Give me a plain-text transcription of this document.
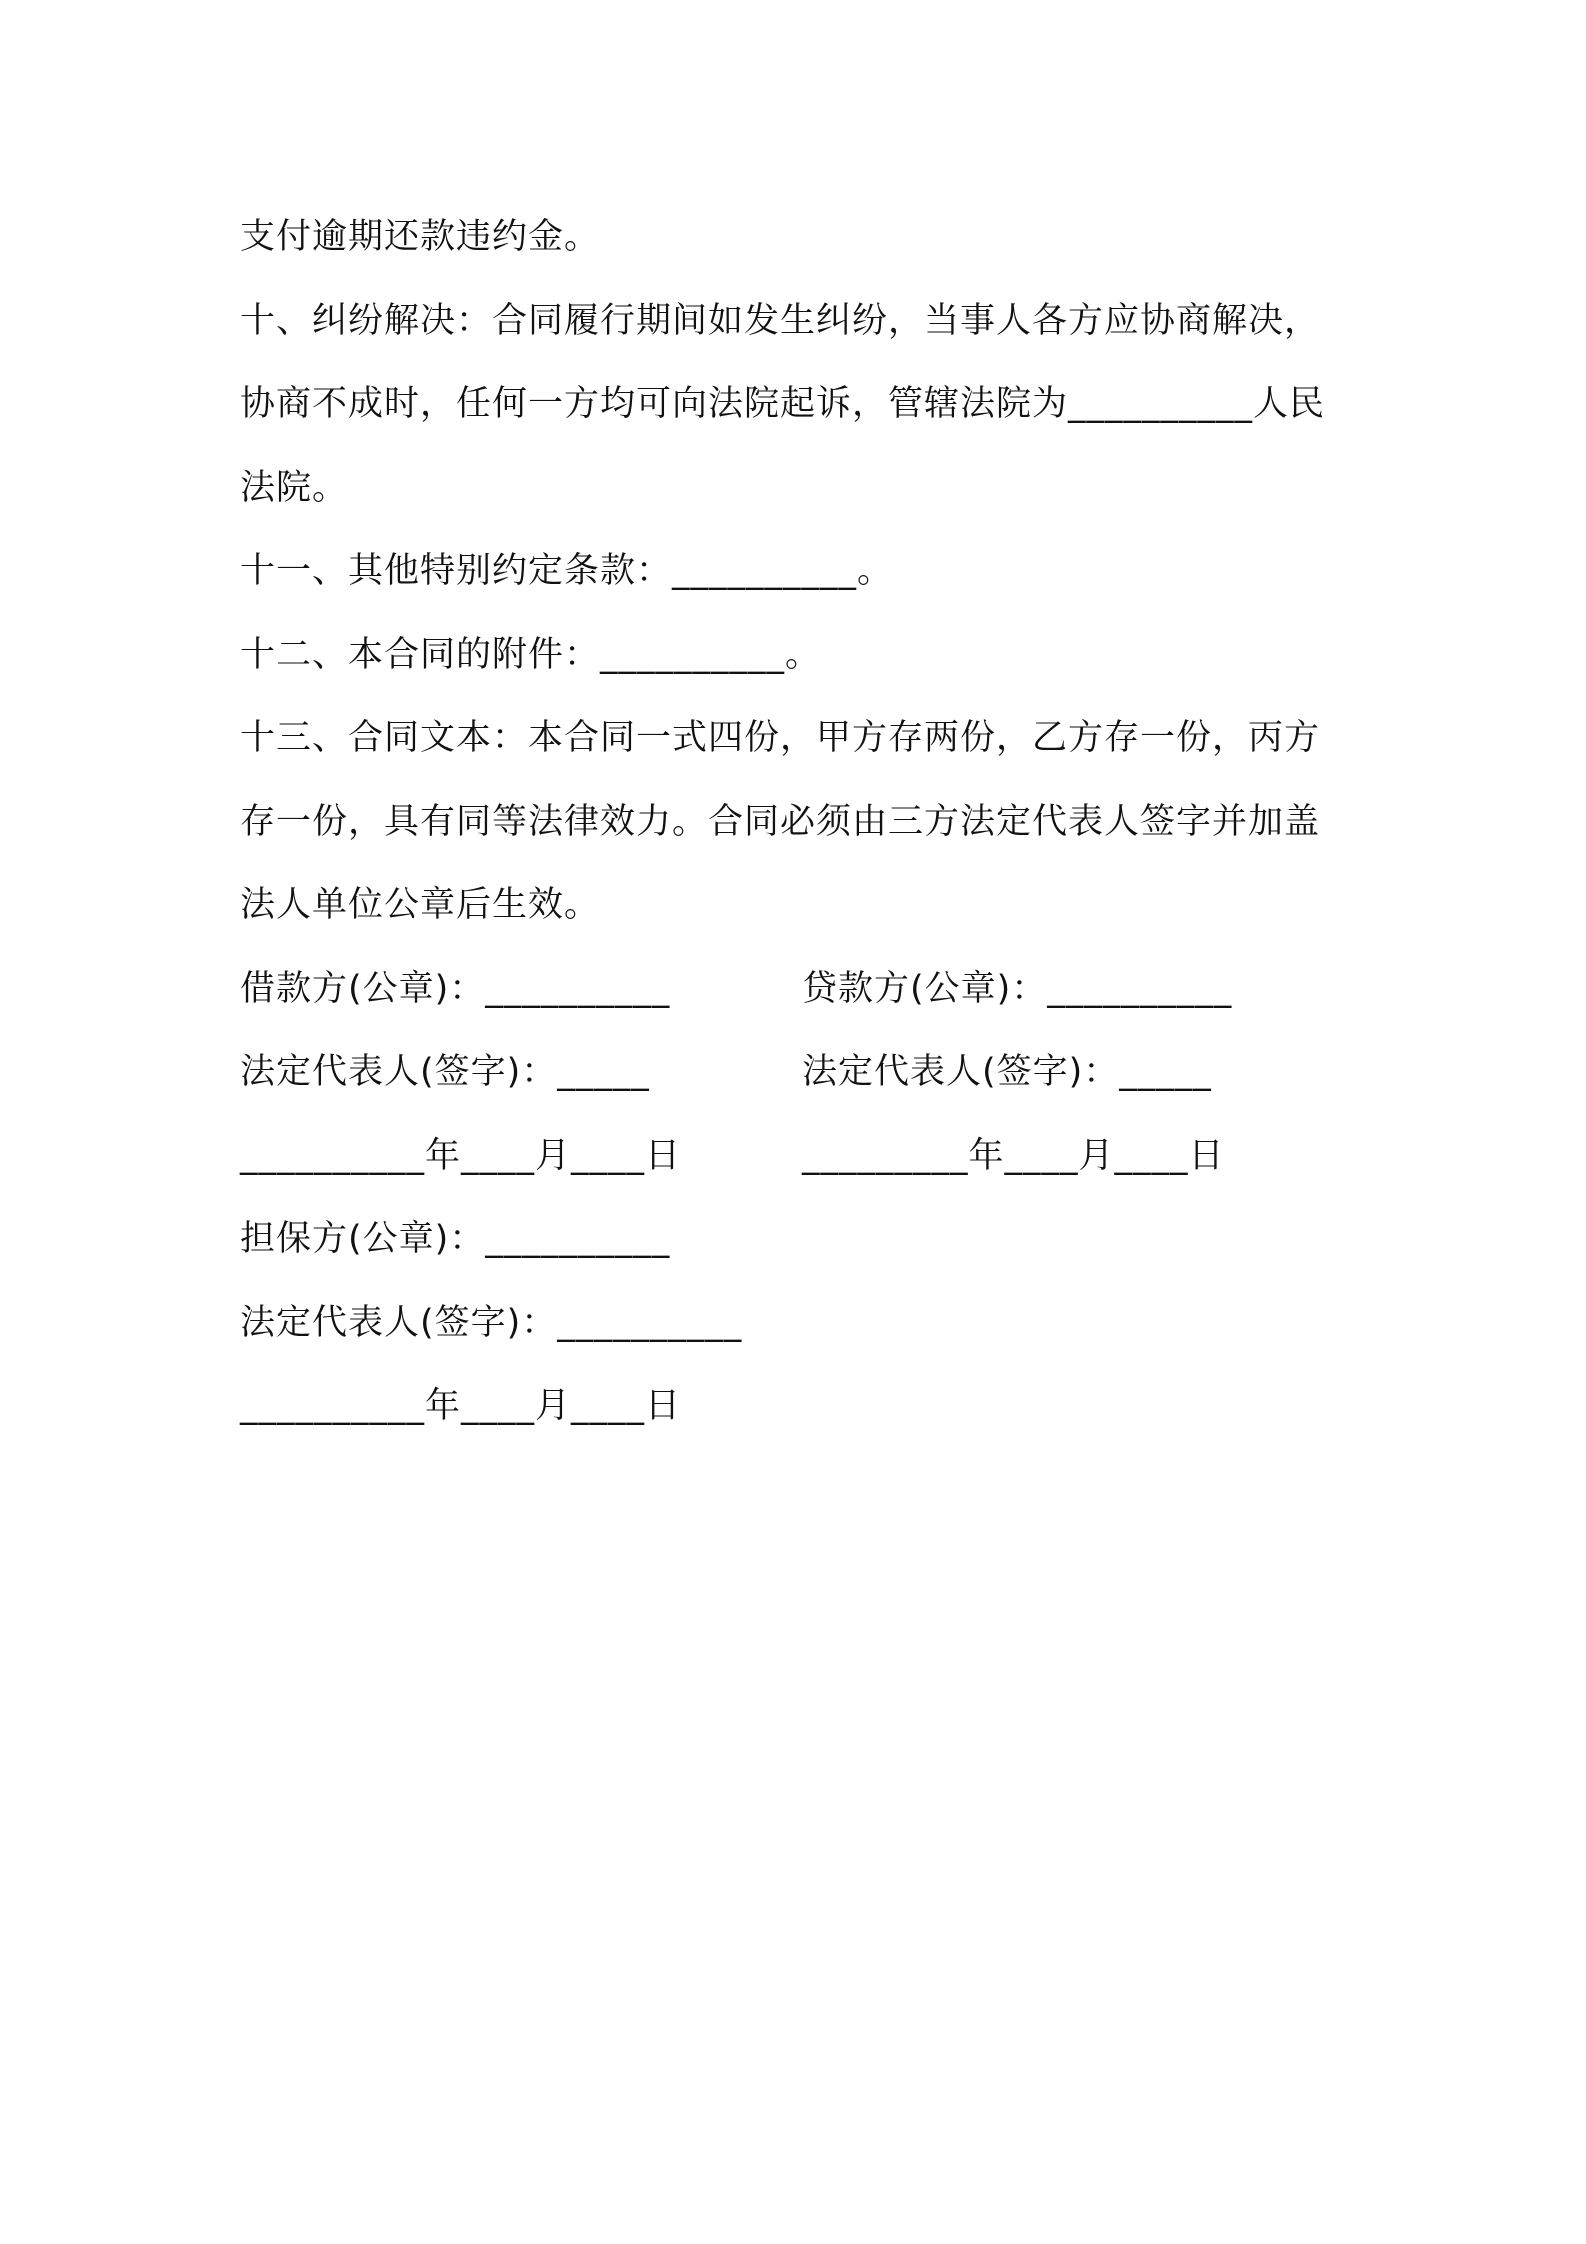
支付逾期还款违约金。
十、纠纷解决：合同履行期间如发生纠纷，当事人各方应协商解决，
协商不成时，任何一方均可向法院起诉，管辖法院为__________人民
法院。
十一、其他特别约定条款：__________。
十二、本合同的附件：__________。
十三、合同文本：本合同一式四份，甲方存两份，乙方存一份，丙方
存一份，具有同等法律效力。合同必须由三方法定代表人签字并加盖
法人单位公章后生效。
借款方(公章)：__________	贷款方(公章)：__________
法定代表人(签字)：_____	法定代表人(签字)：_____
__________年____月____日	_________年____月____日
担保方(公章)：__________
法定代表人(签字)：__________
__________年____月____日
